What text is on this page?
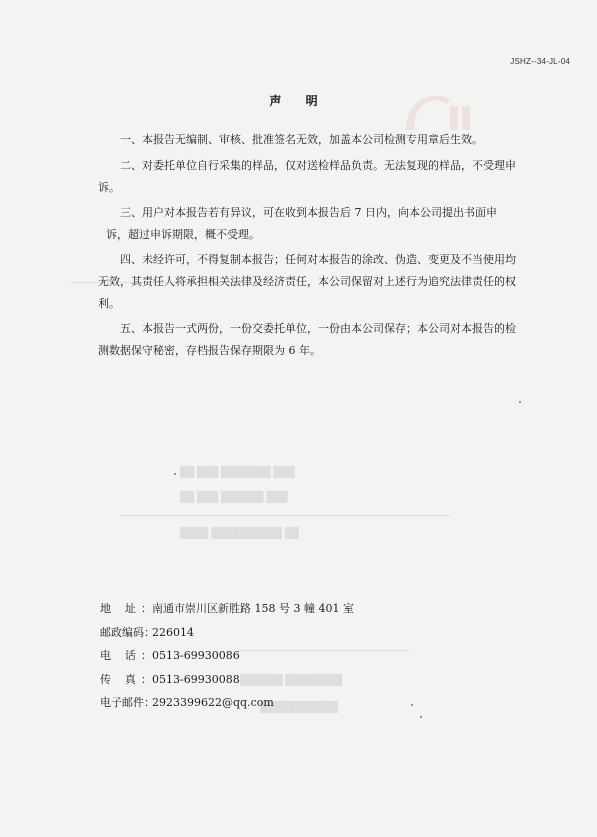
██ ███ ███████ ███
██ ███ ██████ ███
████ ██████████ ██
██████ ████████
███████████
JSHZ--34-JL-04
声 明

一、本报告无编制、审核、批准签名无效，加盖本公司检测专用章后生效。

二、对委托单位自行采集的样品，仅对送检样品负责。无法复现的样品，不受理申诉。

三、用户对本报告若有异议，可在收到本报告后 7 日内，向本公司提出书面申诉，超过申诉期限，概不受理。

四、未经许可，不得复制本报告；任何对本报告的涂改、伪造、变更及不当使用均无效，其责任人将承担相关法律及经济责任，本公司保留对上述行为追究法律责任的权利。

五、本报告一式两份，一份交委托单位，一份由本公司保存；本公司对本报告的检测数据保守秘密，存档报告保存期限为 6 年。

地 址：南通市崇川区新胜路 158 号 3 幢 401 室
邮政编码：226014
电 话：0513-69930086
传 真：0513-69930088
电子邮件：2923399622@qq.com
